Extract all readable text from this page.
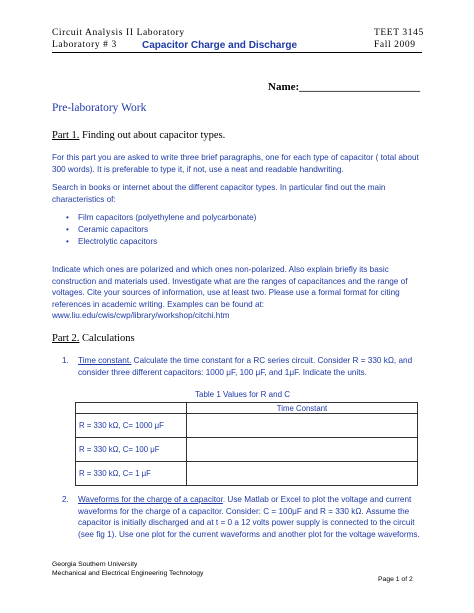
Circuit Analysis II Laboratory	TEET 3145
Laboratory # 3	Capacitor Charge and Discharge	Fall 2009
Name:______________________
Pre-laboratory Work
Part 1. Finding out about capacitor types.
For this part you are asked to write three brief paragraphs, one for each type of capacitor ( total about 300 words). It is preferable to type it, if not, use a neat and readable handwriting.
Search in books or internet about the different capacitor types. In particular find out the main characteristics of:
• Film capacitors (polyethylene and polycarbonate)
• Ceramic capacitors
• Electrolytic capacitors
Indicate which ones are polarized and which ones non-polarized. Also explain briefly its basic construction and materials used. Investigate what are the ranges of capacitances and the range of voltages. Cite your sources of information, use at least two. Please use a formal format for citing references in academic writing. Examples can be found at:
www.liu.edu/cwis/cwp/library/workshop/citchi.htm
Part 2. Calculations
1.	Time constant. Calculate the time constant for a RC series circuit. Consider R = 330 kΩ, and consider three different capacitors: 1000 μF, 100 μF, and 1μF. Indicate the units.
Table 1 Values for R and C
	Time Constant
R = 330 kΩ, C= 1000 μF	
R = 330 kΩ, C= 100 μF	
R = 330 kΩ, C= 1 μF	
2.	Waveforms for the charge of a capacitor. Use Matlab or Excel to plot the voltage and current waveforms for the charge of a capacitor. Consider: C = 100μF and R = 330 kΩ. Assume the capacitor is initially discharged and at t = 0 a 12 volts power supply is connected to the circuit (see fig 1). Use one plot for the current waveforms and another plot for the voltage waveforms.
Georgia Southern University
Mechanical and Electrical Engineering Technology
Page 1 of 2
